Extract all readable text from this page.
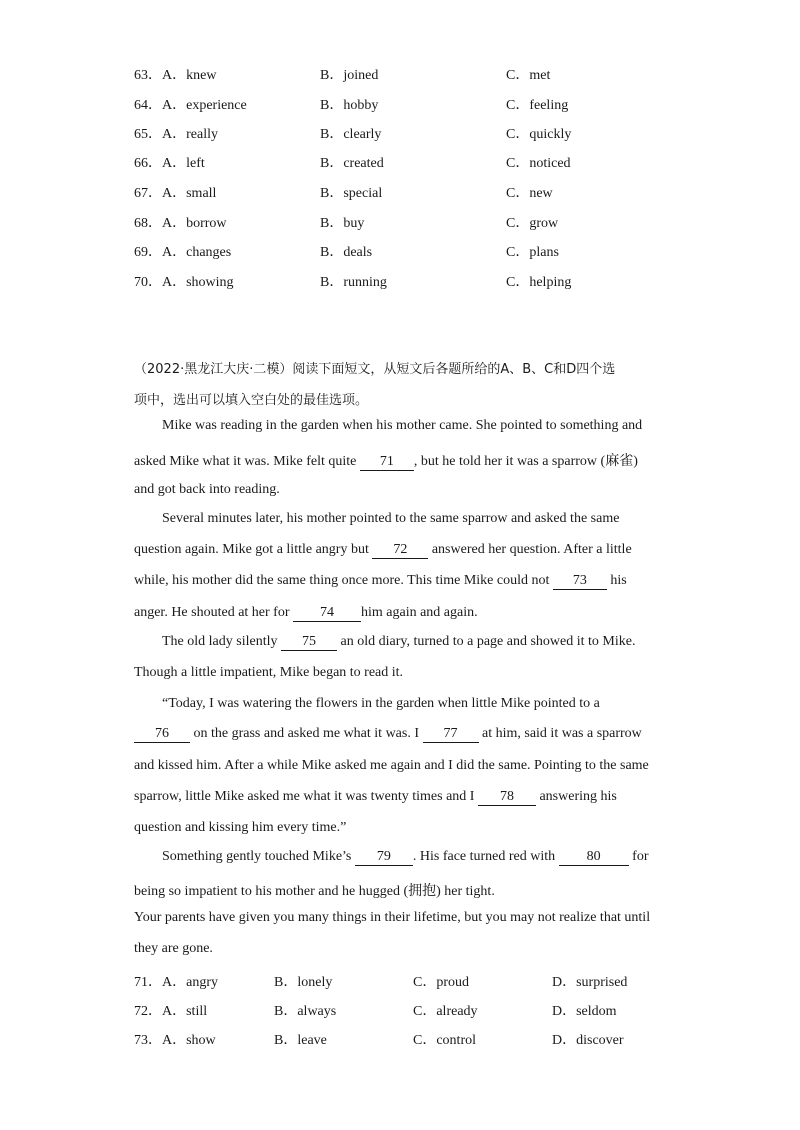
63．A．knew	B．joined	C．met
64．A．experience	B．hobby	C．feeling
65．A．really	B．clearly	C．quickly
66．A．left	B．created	C．noticed
67．A．small	B．special	C．new
68．A．borrow	B．buy	C．grow
69．A．changes	B．deals	C．plans
70．A．showing	B．running	C．helping
（2022·黑龙江大庆·二模）阅读下面短文，从短文后各题所给的A、B、C和D四个选
项中，选出可以填入空白处的最佳选项。
Mike was reading in the garden when his mother came. She pointed to something and
asked Mike what it was. Mike felt quite 71 , but he told her it was a sparrow (麻雀)
and got back into reading.
Several minutes later, his mother pointed to the same sparrow and asked the same
question again. Mike got a little angry but 72 answered her question. After a little
while, his mother did the same thing once more. This time Mike could not 73 his
anger. He shouted at her for 74 him again and again.
The old lady silently 75 an old diary, turned to a page and showed it to Mike.
Though a little impatient, Mike began to read it.
“Today, I was watering the flowers in the garden when little Mike pointed to a
76 on the grass and asked me what it was. I 77 at him, said it was a sparrow
and kissed him. After a while Mike asked me again and I did the same. Pointing to the same
sparrow, little Mike asked me what it was twenty times and I 78 answering his
question and kissing him every time.”
Something gently touched Mike’s 79 . His face turned red with 80 for
being so impatient to his mother and he hugged (拥抱) her tight.
Your parents have given you many things in their lifetime, but you may not realize that until
they are gone.
71．A．angry	B．lonely	C．proud	D．surprised
72．A．still	B．always	C．already	D．seldom
73．A．show	B．leave	C．control	D．discover
